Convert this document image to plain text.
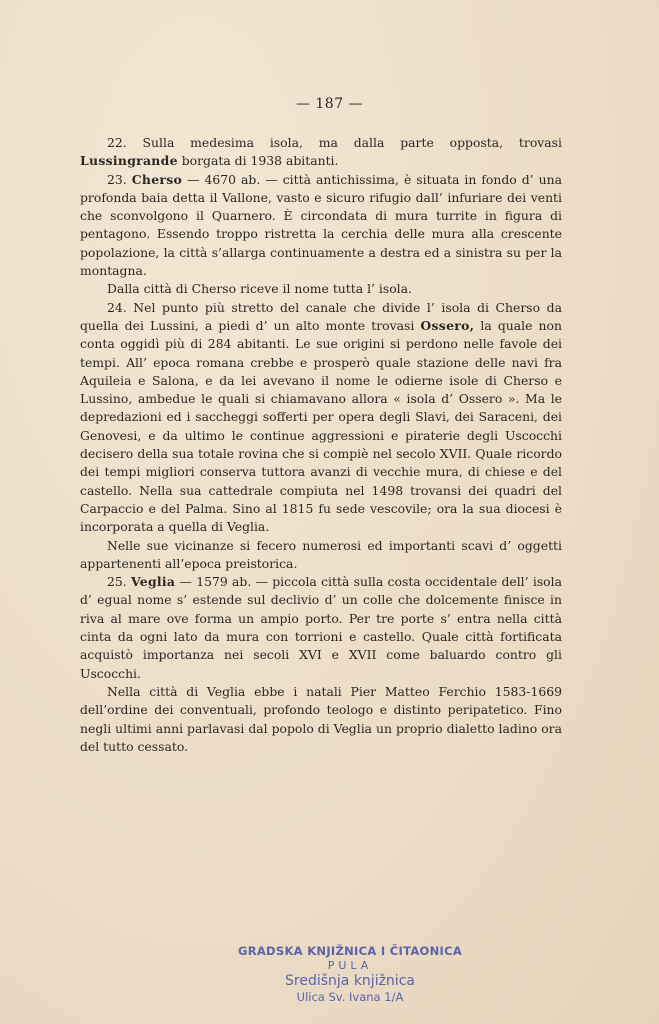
— 187 —

22. Sulla medesima isola, ma dalla parte opposta, trovasi Lussingrande borgata di 1938 abitanti.

23. Cherso — 4670 ab. — città antichissima, è situata in fondo d’ una profonda baia detta il Vallone, vasto e sicuro rifugio dall’ infuriare dei venti che sconvolgono il Quarnero. È circondata di mura turrite in figura di pentagono. Essendo troppo ristretta la cerchia delle mura alla crescente popolazione, la città s’allarga continuamente a destra ed a sinistra su per la montagna.

Dalla città di Cherso riceve il nome tutta l’ isola.

24. Nel punto più stretto del canale che divide l’ isola di Cherso da quella dei Lussini, a piedi d’ un alto monte trovasi Ossero, la quale non conta oggidì più di 284 abitanti. Le sue origini si perdono nelle favole dei tempi. All’ epoca romana crebbe e prosperò quale stazione delle navi fra Aquileia e Salona, e da lei avevano il nome le odierne isole di Cherso e Lussino, ambedue le quali si chiamavano allora « isola d’ Ossero ». Ma le depredazioni ed i saccheggi sofferti per opera degli Slavi, dei Saraceni, dei Genovesi, e da ultimo le continue aggressioni e piraterie degli Uscocchi decisero della sua totale rovina che si compiè nel secolo XVII. Quale ricordo dei tempi migliori conserva tuttora avanzi di vecchie mura, di chiese e del castello. Nella sua cattedrale compiuta nel 1498 trovansi dei quadri del Carpaccio e del Palma. Sino al 1815 fu sede vescovile; ora la sua diocesi è incorporata a quella di Veglia.

Nelle sue vicinanze si fecero numerosi ed importanti scavi d’ oggetti appartenenti all’epoca preistorica.

25. Veglia — 1579 ab. — piccola città sulla costa occidentale dell’ isola d’ egual nome s’ estende sul declivio d’ un colle che dolcemente finisce in riva al mare ove forma un ampio porto. Per tre porte s’ entra nella città cinta da ogni lato da mura con torrioni e castello. Quale città fortificata acquistò importanza nei secoli XVI e XVII come baluardo contro gli Uscocchi.

Nella città di Veglia ebbe i natali Pier Matteo Ferchio 1583-1669 dell’ordine dei conventuali, profondo teologo e distinto peripatetico. Fino negli ultimi anni parlavasi dal popolo di Veglia un proprio dialetto ladino ora del tutto cessato.

GRADSKA KNJIŽNICA I ČITAONICA
PULA
Središnja knjižnica
Ulica Sv. Ivana 1/A
